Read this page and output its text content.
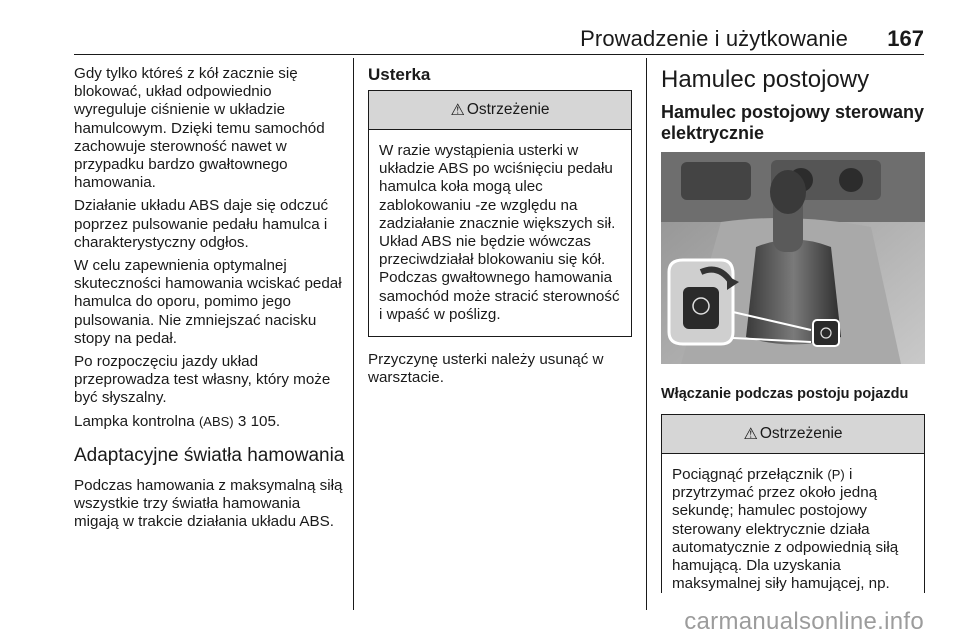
Prowadzenie i użytkowanie 167

Gdy tylko któreś z kół zacznie się blokować, układ odpowiednio wyreguluje ciśnienie w układzie hamulcowym. Dzięki temu samochód zachowuje sterowność nawet w przypadku bardzo gwałtownego hamowania.

Działanie układu ABS daje się odczuć poprzez pulsowanie pedału hamulca i charakterystyczny odgłos.

W celu zapewnienia optymalnej skuteczności hamowania wciskać pedał hamulca do oporu, pomimo jego pulsowania. Nie zmniejszać nacisku stopy na pedał.

Po rozpoczęciu jazdy układ przeprowadza test własny, który może być słyszalny.

Lampka kontrolna (ABS) 3 105.

Adaptacyjne światła hamowania

Podczas hamowania z maksymalną siłą wszystkie trzy światła hamowania migają w trakcie działania układu ABS.

Usterka
⚠ Ostrzeżenie

W razie wystąpienia usterki w układzie ABS po wciśnięciu pedału hamulca koła mogą ulec zablokowaniu -ze względu na zadziałanie znacznie większych sił. Układ ABS nie będzie wówczas przeciwdziałał blokowaniu się kół. Podczas gwałtownego hamowania samochód może stracić sterowność i wpaść w poślizg.

Przyczynę usterki należy usunąć w warsztacie.

Hamulec postojowy
Hamulec postojowy sterowany elektrycznie
Włączanie podczas postoju pojazdu
⚠ Ostrzeżenie

Pociągnąć przełącznik (P) i przytrzymać przez około jedną sekundę; hamulec postojowy sterowany elektrycznie działa automatycznie z odpowiednią siłą hamującą. Dla uzyskania maksymalnej siły hamującej, np.

carmanualsonline.info
